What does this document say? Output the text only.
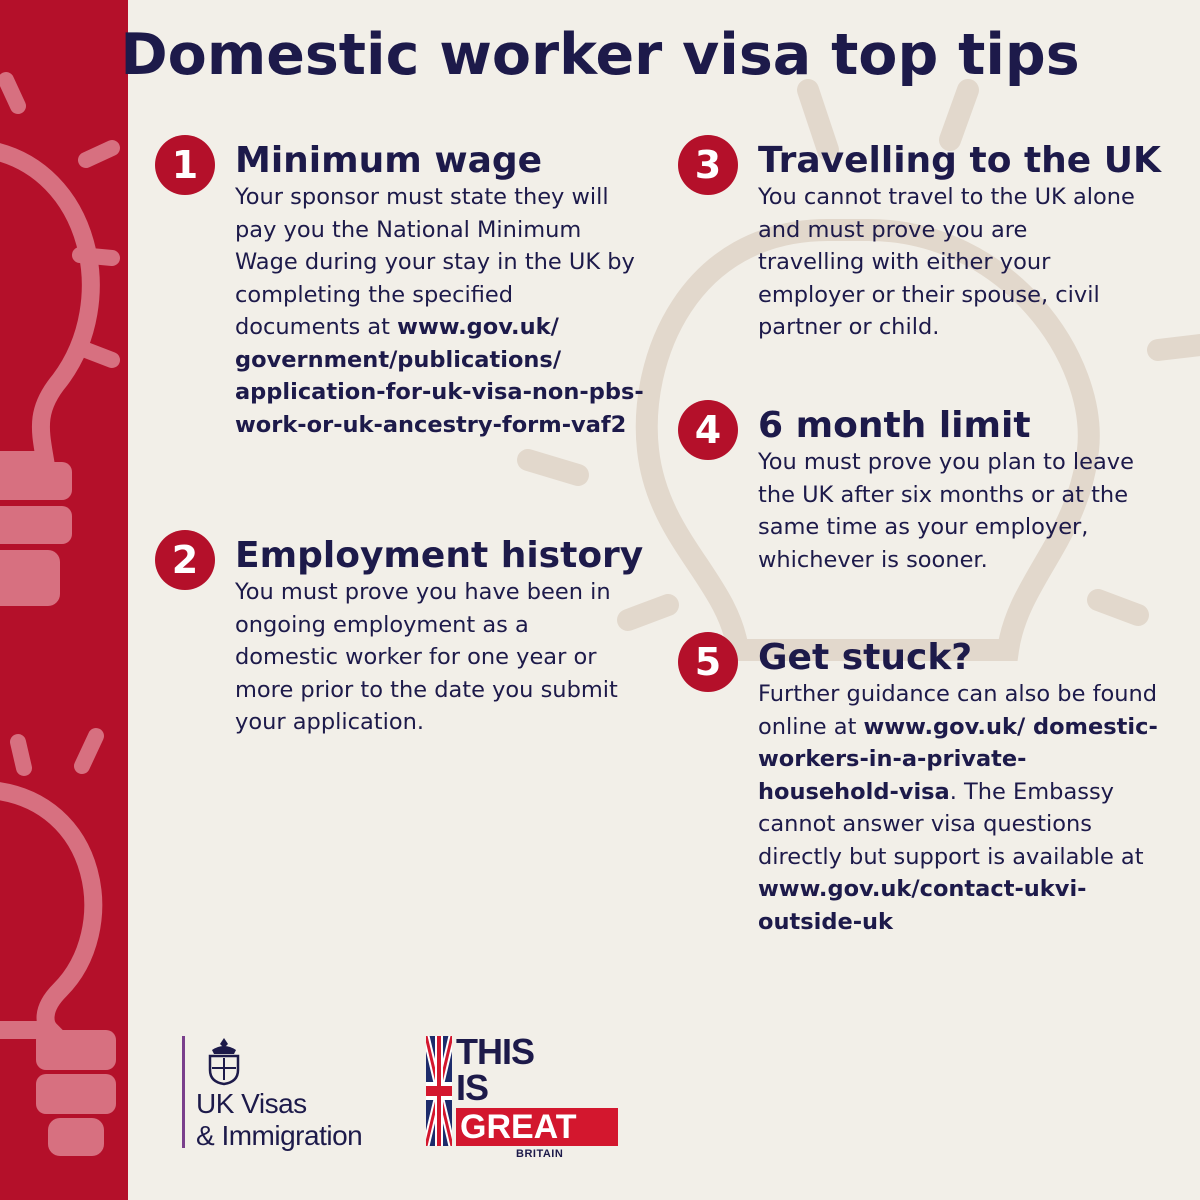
Domestic worker visa top tips
1	Minimum wage

Your sponsor must state they will pay you the National Minimum Wage during your stay in the UK by completing the specified documents at www.gov.uk/ government/publications/ application-for-uk-visa-non-pbs-work-or-uk-ancestry-form-vaf2

2	Employment history

You must prove you have been in ongoing employment as a domestic worker for one year or more prior to the date you submit your application.

3	Travelling to the UK

You cannot travel to the UK alone and must prove you are travelling with either your employer or their spouse, civil partner or child.

4	6 month limit

You must prove you plan to leave the UK after six months or at the same time as your employer, whichever is sooner.

5	Get stuck?

Further guidance can also be found online at www.gov.uk/ domestic-workers-in-a-private-household-visa. The Embassy cannot answer visa questions directly but support is available at www.gov.uk/contact-ukvi-outside-uk

UK Visas
& Immigration

THIS

IS

GREAT

BRITAIN
